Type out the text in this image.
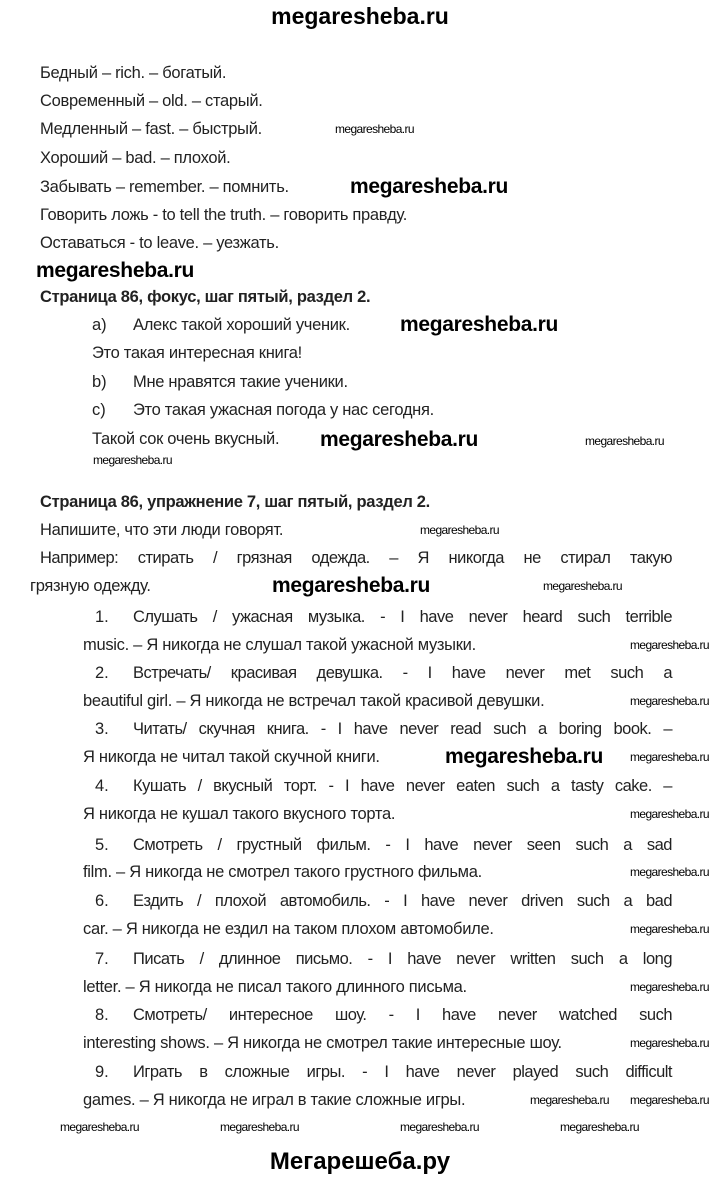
megaresheba.ru
Бедный – rich. – богатый.
Современный – old. – старый.
Медленный – fast. – быстрый.
Хороший – bad. – плохой.
Забывать – remember. – помнить.
Говорить ложь - to tell the truth. – говорить правду.
Оставаться - to leave. – уезжать.
Страница 86, фокус, шаг пятый, раздел 2.
a) Алекс такой хороший ученик.
Это такая интересная книга!
b) Мне нравятся такие ученики.
c) Это такая ужасная погода у нас сегодня.
Такой сок очень вкусный.
Страница 86, упражнение 7, шаг пятый, раздел 2.
Напишите, что эти люди говорят.
Например: стирать / грязная одежда. – Я никогда не стирал такую
грязную одежду.
1. Слушать / ужасная музыка. - I have never heard such terrible
music. – Я никогда не слушал такой ужасной музыки.
2. Встречать/ красивая девушка. - I have never met such a
beautiful girl. – Я никогда не встречал такой красивой девушки.
3. Читать/ скучная книга. - I have never read such a boring book. –
Я никогда не читал такой скучной книги.
4. Кушать / вкусный торт. - I have never eaten such a tasty cake. –
Я никогда не кушал такого вкусного торта.
5. Смотреть / грустный фильм. - I have never seen such a sad
film. – Я никогда не смотрел такого грустного фильма.
6. Ездить / плохой автомобиль. - I have never driven such a bad
car. – Я никогда не ездил на таком плохом автомобиле.
7. Писать / длинное письмо. - I have never written such a long
letter. – Я никогда не писал такого длинного письма.
8. Смотреть/ интересное шоу. - I have never watched such
interesting shows. – Я никогда не смотрел такие интересные шоу.
9. Играть в сложные игры. - I have never played such difficult
games. – Я никогда не играл в такие сложные игры.
megaresheba.ru
megaresheba.ru
megaresheba.ru
megaresheba.ru
megaresheba.ru
megaresheba.ru
megaresheba.ru
megaresheba.ru	megaresheba.ru
megaresheba.ru
megaresheba.ru
megaresheba.ru
megaresheba.ru megaresheba.ru
megaresheba.ru
megaresheba.ru
megaresheba.ru
megaresheba.ru
megaresheba.ru
megaresheba.ru megaresheba.ru
megaresheba.ru	megaresheba.ru	megaresheba.ru	megaresheba.ru
Мегарешеба.ру
